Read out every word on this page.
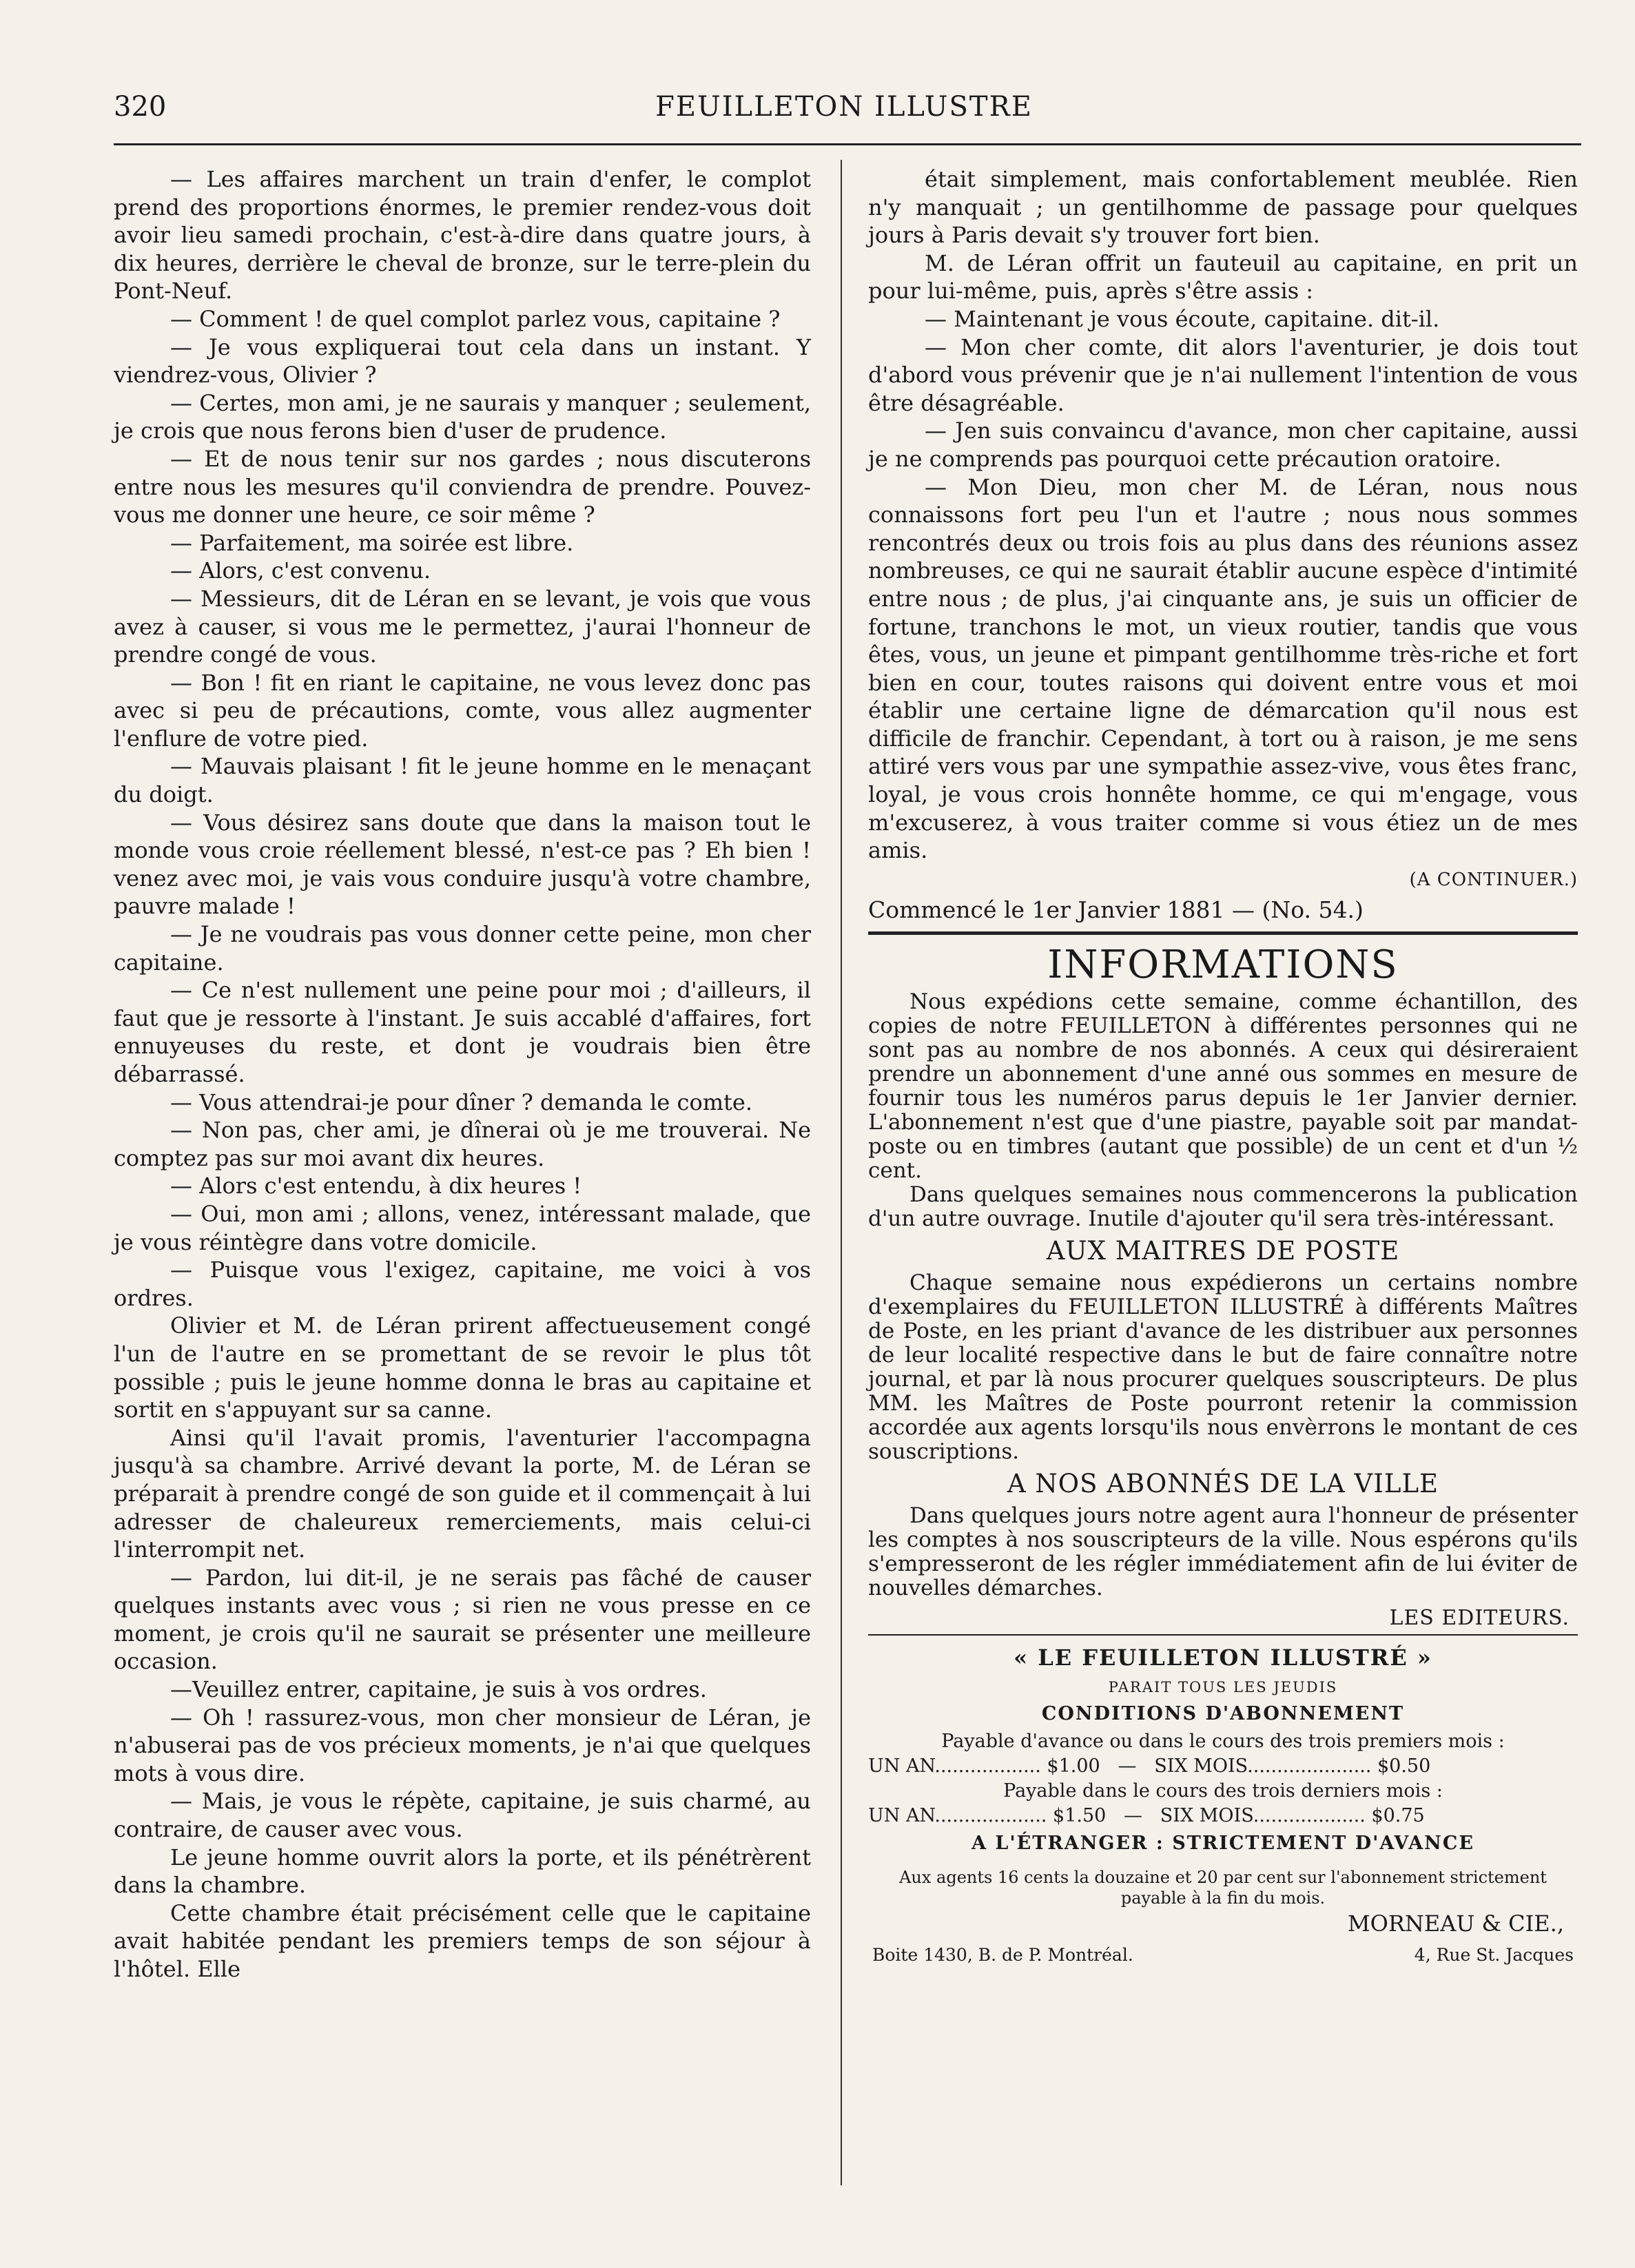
320	FEUILLETON ILLUSTRE

— Les affaires marchent un train d'enfer, le complot prend des proportions énormes, le premier rendez-vous doit avoir lieu samedi prochain, c'est-à-dire dans quatre jours, à dix heures, derrière le cheval de bronze, sur le terre-plein du Pont-Neuf.

— Comment ! de quel complot parlez vous, capitaine ?

— Je vous expliquerai tout cela dans un instant. Y viendrez-vous, Olivier ?

— Certes, mon ami, je ne saurais y manquer ; seulement, je crois que nous ferons bien d'user de prudence.

— Et de nous tenir sur nos gardes ; nous discuterons entre nous les mesures qu'il conviendra de prendre. Pouvez-vous me donner une heure, ce soir même ?

— Parfaitement, ma soirée est libre.

— Alors, c'est convenu.

— Messieurs, dit de Léran en se levant, je vois que vous avez à causer, si vous me le permettez, j'aurai l'honneur de prendre congé de vous.

— Bon ! fit en riant le capitaine, ne vous levez donc pas avec si peu de précautions, comte, vous allez augmenter l'enflure de votre pied.

— Mauvais plaisant ! fit le jeune homme en le menaçant du doigt.

— Vous désirez sans doute que dans la maison tout le monde vous croie réellement blessé, n'est-ce pas ? Eh bien ! venez avec moi, je vais vous conduire jusqu'à votre chambre, pauvre malade !

— Je ne voudrais pas vous donner cette peine, mon cher capitaine.

— Ce n'est nullement une peine pour moi ; d'ailleurs, il faut que je ressorte à l'instant. Je suis accablé d'affaires, fort ennuyeuses du reste, et dont je voudrais bien être débarrassé.

— Vous attendrai-je pour dîner ? demanda le comte.

— Non pas, cher ami, je dînerai où je me trouverai. Ne comptez pas sur moi avant dix heures.

— Alors c'est entendu, à dix heures !

— Oui, mon ami ; allons, venez, intéressant malade, que je vous réintègre dans votre domicile.

— Puisque vous l'exigez, capitaine, me voici à vos ordres.

Olivier et M. de Léran prirent affectueusement congé l'un de l'autre en se promettant de se revoir le plus tôt possible ; puis le jeune homme donna le bras au capitaine et sortit en s'appuyant sur sa canne.

Ainsi qu'il l'avait promis, l'aventurier l'accompagna jusqu'à sa chambre. Arrivé devant la porte, M. de Léran se préparait à prendre congé de son guide et il commençait à lui adresser de chaleureux remerciements, mais celui-ci l'interrompit net.

— Pardon, lui dit-il, je ne serais pas fâché de causer quelques instants avec vous ; si rien ne vous presse en ce moment, je crois qu'il ne saurait se présenter une meilleure occasion.

—Veuillez entrer, capitaine, je suis à vos ordres.

— Oh ! rassurez-vous, mon cher monsieur de Léran, je n'abuserai pas de vos précieux moments, je n'ai que quelques mots à vous dire.

— Mais, je vous le répète, capitaine, je suis charmé, au contraire, de causer avec vous.

Le jeune homme ouvrit alors la porte, et ils pénétrèrent dans la chambre.

Cette chambre était précisément celle que le capitaine avait habitée pendant les premiers temps de son séjour à l'hôtel. Elle

était simplement, mais confortablement meublée. Rien n'y manquait ; un gentilhomme de passage pour quelques jours à Paris devait s'y trouver fort bien.

M. de Léran offrit un fauteuil au capitaine, en prit un pour lui-même, puis, après s'être assis :

— Maintenant je vous écoute, capitaine. dit-il.

— Mon cher comte, dit alors l'aventurier, je dois tout d'abord vous prévenir que je n'ai nullement l'intention de vous être désagréable.

— Jen suis convaincu d'avance, mon cher capitaine, aussi je ne comprends pas pourquoi cette précaution oratoire.

— Mon Dieu, mon cher M. de Léran, nous nous connaissons fort peu l'un et l'autre ; nous nous sommes rencontrés deux ou trois fois au plus dans des réunions assez nombreuses, ce qui ne saurait établir aucune espèce d'intimité entre nous ; de plus, j'ai cinquante ans, je suis un officier de fortune, tranchons le mot, un vieux routier, tandis que vous êtes, vous, un jeune et pimpant gentilhomme très-riche et fort bien en cour, toutes raisons qui doivent entre vous et moi établir une certaine ligne de démarcation qu'il nous est difficile de franchir. Cependant, à tort ou à raison, je me sens attiré vers vous par une sympathie assez-vive, vous êtes franc, loyal, je vous crois honnête homme, ce qui m'engage, vous m'excuserez, à vous traiter comme si vous étiez un de mes amis.

(A CONTINUER.)
Commencé le 1er Janvier 1881 — (No. 54.)
INFORMATIONS

Nous expédions cette semaine, comme échantillon, des copies de notre FEUILLETON à différentes personnes qui ne sont pas au nombre de nos abonnés. A ceux qui désireraient prendre un abonnement d'une anné ous sommes en mesure de fournir tous les numéros parus depuis le 1er Janvier dernier. L'abonnement n'est que d'une piastre, payable soit par mandat-poste ou en timbres (autant que possible) de un cent et d'un ½ cent.

Dans quelques semaines nous commencerons la publication d'un autre ouvrage. Inutile d'ajouter qu'il sera très-intéressant.

AUX MAITRES DE POSTE

Chaque semaine nous expédierons un certains nombre d'exemplaires du FEUILLETON ILLUSTRÉ à différents Maîtres de Poste, en les priant d'avance de les distribuer aux personnes de leur localité respective dans le but de faire connaître notre journal, et par là nous procurer quelques souscripteurs. De plus MM. les Maîtres de Poste pourront retenir la commission accordée aux agents lorsqu'ils nous envèrrons le montant de ces souscriptions.

A NOS ABONNÉS DE LA VILLE

Dans quelques jours notre agent aura l'honneur de présenter les comptes à nos souscripteurs de la ville. Nous espérons qu'ils s'empresseront de les régler immédiatement afin de lui éviter de nouvelles démarches.

LES EDITEURS.
« LE FEUILLETON ILLUSTRÉ »
PARAIT TOUS LES JEUDIS
CONDITIONS D'ABONNEMENT
Payable d'avance ou dans le cours des trois premiers mois :
UN AN.................. $1.00   —   SIX MOIS..................... $0.50
Payable dans le cours des trois derniers mois :
UN AN................... $1.50   —   SIX MOIS................... $0.75
A L'ÉTRANGER : STRICTEMENT D'AVANCE
Aux agents 16 cents la douzaine et 20 par cent sur l'abonnement strictement payable à la fin du mois.
MORNEAU & CIE.,
Boite 1430, B. de P. Montréal.	4, Rue St. Jacques
